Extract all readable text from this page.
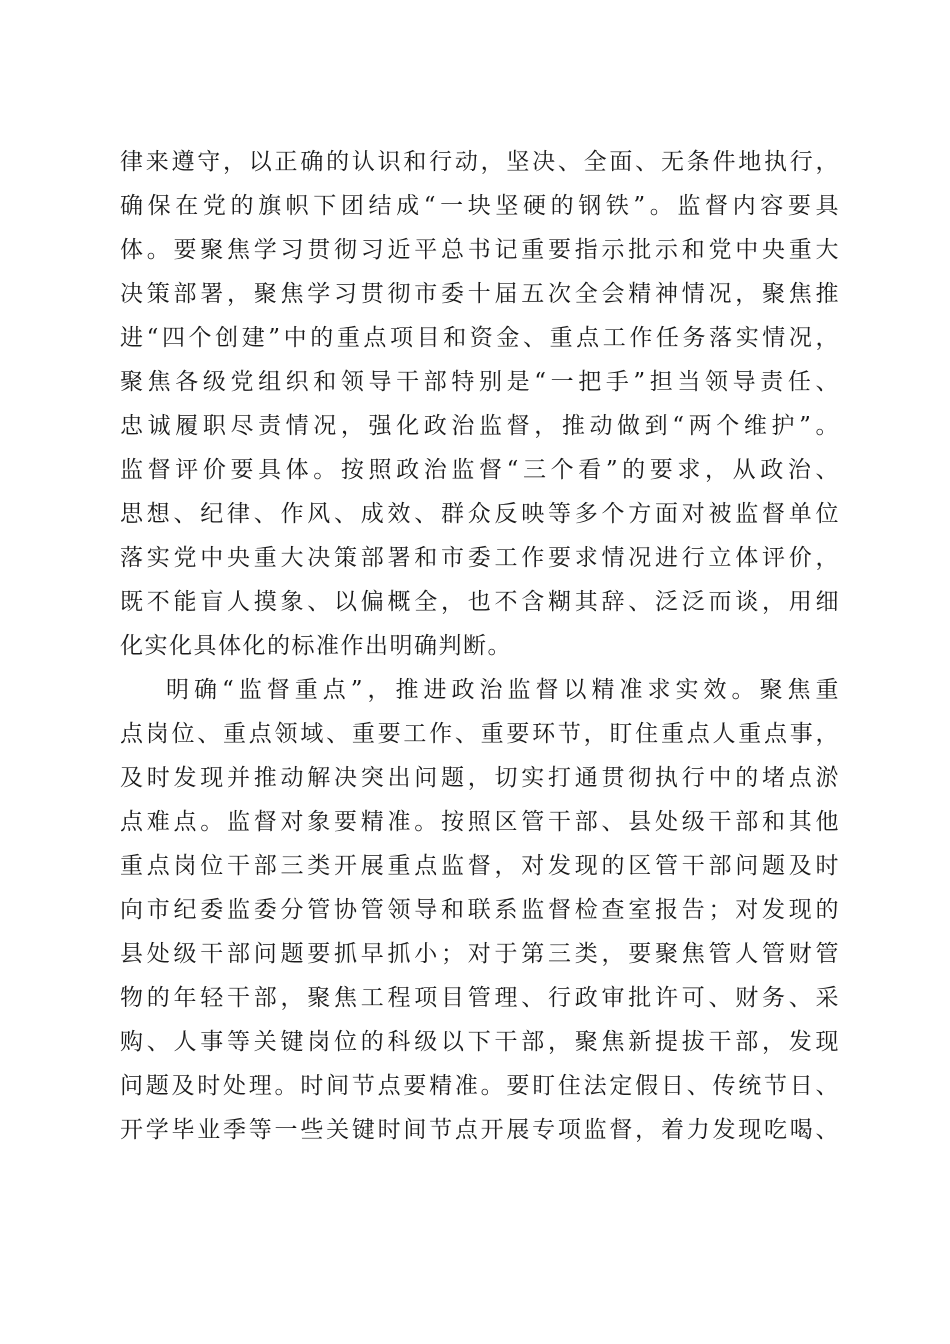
律来遵守，以正确的认识和行动，坚决、全面、无条件地执行，
确保在党的旗帜下团结成“一块坚硬的钢铁”。监督内容要具
体。要聚焦学习贯彻习近平总书记重要指示批示和党中央重大
决策部署，聚焦学习贯彻市委十届五次全会精神情况，聚焦推
进“四个创建”中的重点项目和资金、重点工作任务落实情况，
聚焦各级党组织和领导干部特别是“一把手”担当领导责任、
忠诚履职尽责情况，强化政治监督，推动做到“两个维护”。
监督评价要具体。按照政治监督“三个看”的要求，从政治、
思想、纪律、作风、成效、群众反映等多个方面对被监督单位
落实党中央重大决策部署和市委工作要求情况进行立体评价，
既不能盲人摸象、以偏概全，也不含糊其辞、泛泛而谈，用细
化实化具体化的标准作出明确判断。

明确“监督重点”，推进政治监督以精准求实效。聚焦重
点岗位、重点领域、重要工作、重要环节，盯住重点人重点事，
及时发现并推动解决突出问题，切实打通贯彻执行中的堵点淤
点难点。监督对象要精准。按照区管干部、县处级干部和其他
重点岗位干部三类开展重点监督，对发现的区管干部问题及时
向市纪委监委分管协管领导和联系监督检查室报告；对发现的
县处级干部问题要抓早抓小；对于第三类，要聚焦管人管财管
物的年轻干部，聚焦工程项目管理、行政审批许可、财务、采
购、人事等关键岗位的科级以下干部，聚焦新提拔干部，发现
问题及时处理。时间节点要精准。要盯住法定假日、传统节日、
开学毕业季等一些关键时间节点开展专项监督，着力发现吃喝、
